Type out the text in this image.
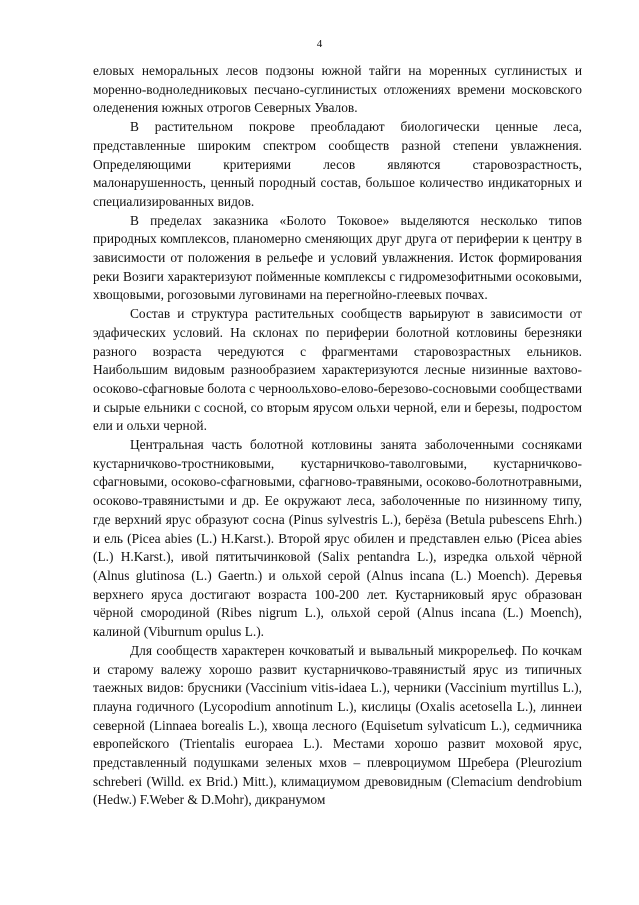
4

еловых неморальных лесов подзоны южной тайги на моренных суглинистых и моренно-водноледниковых песчано-суглинистых отложениях времени московского оледенения южных отрогов Северных Увалов.

В растительном покрове преобладают биологически ценные леса, представленные широким спектром сообществ разной степени увлажнения. Определяющими критериями лесов являются старовозрастность, малонарушенность, ценный породный состав, большое количество индикаторных и специализированных видов.

В пределах заказника «Болото Токовое» выделяются несколько типов природных комплексов, планомерно сменяющих друг друга от периферии к центру в зависимости от положения в рельефе и условий увлажнения. Исток формирования реки Возиги характеризуют пойменные комплексы с гидромезофитными осоковыми, хвощовыми, рогозовыми луговинами на перегнойно-глеевых почвах.

Состав и структура растительных сообществ варьируют в зависимости от эдафических условий. На склонах по периферии болотной котловины березняки разного возраста чередуются с фрагментами старовозрастных ельников. Наибольшим видовым разнообразием характеризуются лесные низинные вахтово-осоково-сфагновые болота с черноольхово-елово-березово-сосновыми сообществами и сырые ельники с сосной, со вторым ярусом ольхи черной, ели и березы, подростом ели и ольхи черной.

Центральная часть болотной котловины занята заболоченными сосняками кустарничково-тростниковыми, кустарничково-таволговыми, кустарничково-сфагновыми, осоково-сфагновыми, сфагново-травяными, осоково-болотнотравными, осоково-травянистыми и др. Ее окружают леса, заболоченные по низинному типу, где верхний ярус образуют сосна (Pinus sylvestris L.), берёза (Betula pubescens Ehrh.) и ель (Picea abies (L.) H.Karst.). Второй ярус обилен и представлен елью (Picea abies (L.) H.Karst.), ивой пятитычинковой (Salix pentandra L.), изредка ольхой чёрной (Alnus glutinosa (L.) Gaertn.) и ольхой серой (Alnus incana (L.) Moench). Деревья верхнего яруса достигают возраста 100-200 лет. Кустарниковый ярус образован чёрной смородиной (Ribes nigrum L.), ольхой серой (Alnus incana (L.) Moench), калиной (Viburnum opulus L.).

Для сообществ характерен кочковатый и вывальный микрорельеф. По кочкам и старому валежу хорошо развит кустарничково-травянистый ярус из типичных таежных видов: брусники (Vaccinium vitis-idaea L.), черники (Vaccinium myrtillus L.), плауна годичного (Lycopodium annotinum L.), кислицы (Oxalis acetosella L.), линнеи северной (Linnaea borealis L.), хвоща лесного (Equisetum sylvaticum L.), седмичника европейского (Trientalis europaea L.). Местами хорошо развит моховой ярус, представленный подушками зеленых мхов – плевроциумом Шребера (Pleurozium schreberi (Willd. ex Brid.) Mitt.), климациумом древовидным (Clemacium dendrobium (Hedw.) F.Weber & D.Mohr), дикранумом
